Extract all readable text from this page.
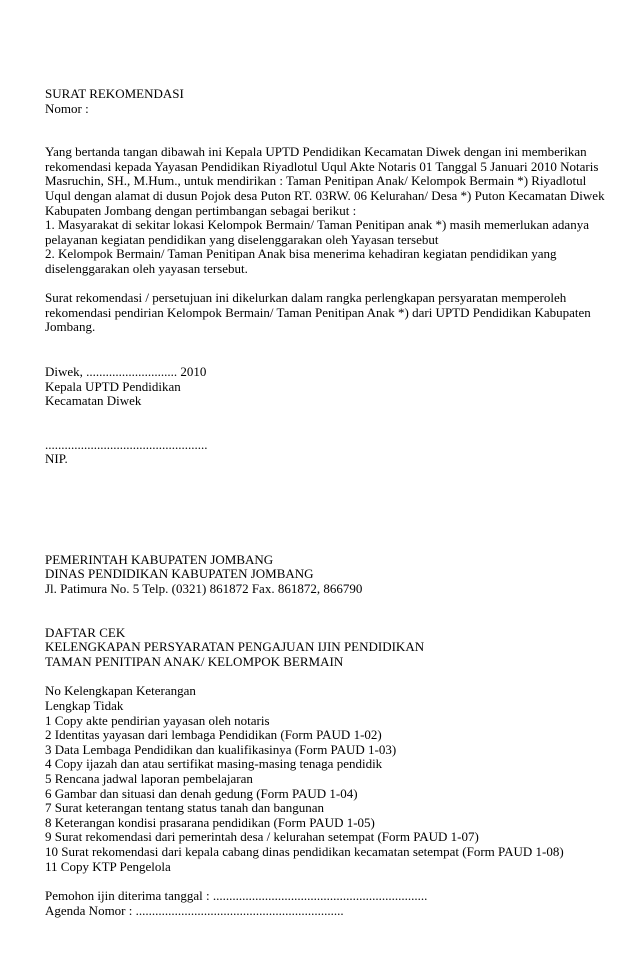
SURAT REKOMENDASI
Nomor :
Yang bertanda tangan dibawah ini Kepala UPTD Pendidikan Kecamatan Diwek dengan ini memberikan
rekomendasi kepada Yayasan Pendidikan Riyadlotul Uqul Akte Notaris 01 Tanggal 5 Januari 2010 Notaris
Masruchin, SH., M.Hum., untuk mendirikan : Taman Penitipan Anak/ Kelompok Bermain *) Riyadlotul
Uqul dengan alamat di dusun Pojok desa Puton RT. 03RW. 06 Kelurahan/ Desa *) Puton Kecamatan Diwek
Kabupaten Jombang dengan pertimbangan sebagai berikut :
1. Masyarakat di sekitar lokasi Kelompok Bermain/ Taman Penitipan anak *) masih memerlukan adanya
pelayanan kegiatan pendidikan yang diselenggarakan oleh Yayasan tersebut
2. Kelompok Bermain/ Taman Penitipan Anak bisa menerima kehadiran kegiatan pendidikan yang
diselenggarakan oleh yayasan tersebut.
Surat rekomendasi / persetujuan ini dikelurkan dalam rangka perlengkapan persyaratan memperoleh
rekomendasi pendirian Kelompok Bermain/ Taman Penitipan Anak *) dari UPTD Pendidikan Kabupaten
Jombang.
Diwek, ............................ 2010
Kepala UPTD Pendidikan
Kecamatan Diwek
..................................................
NIP.
PEMERINTAH KABUPATEN JOMBANG
DINAS PENDIDIKAN KABUPATEN JOMBANG
Jl. Patimura No. 5 Telp. (0321) 861872 Fax. 861872, 866790
DAFTAR CEK
KELENGKAPAN PERSYARATAN PENGAJUAN IJIN PENDIDIKAN
TAMAN PENITIPAN ANAK/ KELOMPOK BERMAIN
No Kelengkapan Keterangan
Lengkap Tidak
1 Copy akte pendirian yayasan oleh notaris
2 Identitas yayasan dari lembaga Pendidikan (Form PAUD 1-02)
3 Data Lembaga Pendidikan dan kualifikasinya (Form PAUD 1-03)
4 Copy ijazah dan atau sertifikat masing-masing tenaga pendidik
5 Rencana jadwal laporan pembelajaran
6 Gambar dan situasi dan denah gedung (Form PAUD 1-04)
7 Surat keterangan tentang status tanah dan bangunan
8 Keterangan kondisi prasarana pendidikan (Form PAUD 1-05)
9 Surat rekomendasi dari pemerintah desa / kelurahan setempat (Form PAUD 1-07)
10 Surat rekomendasi dari kepala cabang dinas pendidikan kecamatan setempat (Form PAUD 1-08)
11 Copy KTP Pengelola
Pemohon ijin diterima tanggal : ..................................................................
Agenda Nomor : ................................................................
